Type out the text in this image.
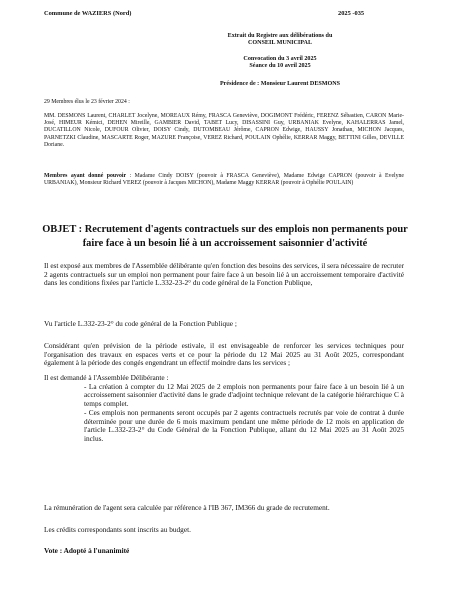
Commune de WAZIERS (Nord)	2025 -035
Extrait du Registre aux délibérations du
CONSEIL MUNICIPAL
Convocation du 3 avril 2025
Séance du 10 avril 2025
Présidence de : Monsieur Laurent DESMONS
29 Membres élus le 23 février 2024 :
MM. DESMONS Laurent, CHARLET Jocelyne, MOREAUX Rémy, FRASCA Geneviève, DOGIMONT Frédéric, FERENZ Sébastien, CARON Marie-José, HIMEUR Kémici, DEHEN Mireille, GAMBIER David, TABET Lucy, DISASSINI Guy, URBANIAK Evelyne, KAHALERRAS Jamel, DUCATILLON Nicole, DUFOUR Olivier, DOISY Cindy, DUTOMBEAU Jérôme, CAPRON Edwige, HAUSSY Jonathan, MICHON Jacques, PARNETZKI Claudine, MASCARTE Roger, MAZURE Françoise, VEREZ Richard, POULAIN Ophélie, KERRAR Maggy, BETTINI Gilles, DEVILLE Doriane.
Membres ayant donné pouvoir : Madame Cindy DOISY (pouvoir à FRASCA Geneviève), Madame Edwige CAPRON (pouvoir à Evelyne URBANIAK), Monsieur Richard VEREZ (pouvoir à Jacques MICHON), Madame Maggy KERRAR (pouvoir à Ophélie POULAIN)
OBJET : Recrutement d'agents contractuels sur des emplois non permanents pour
faire face à un besoin lié à un accroissement saisonnier d'activité
Il est exposé aux membres de l'Assemblée délibérante qu'en fonction des besoins des services, il sera nécessaire de recruter 2 agents contractuels sur un emploi non permanent pour faire face à un besoin lié à un accroissement temporaire d'activité dans les conditions fixées par l'article L.332-23-2° du code général de la Fonction Publique,
Vu l'article L.332-23-2° du code général de la Fonction Publique ;
Considérant qu'en prévision de la période estivale, il est envisageable de renforcer les services techniques pour l'organisation des travaux en espaces verts et ce pour la période du 12 Mai 2025 au 31 Août 2025, correspondant également à la période des congés engendrant un effectif moindre dans les services ;
Il est demandé à l'Assemblée Délibérante :
- La création à compter du 12 Mai 2025 de 2 emplois non permanents pour faire face à un besoin lié à un accroissement saisonnier d'activité dans le grade d'adjoint technique relevant de la catégorie hiérarchique C à temps complet.
- Ces emplois non permanents seront occupés par 2 agents contractuels recrutés par voie de contrat à durée déterminée pour une durée de 6 mois maximum pendant une même période de 12 mois en application de l'article L.332-23-2° du Code Général de la Fonction Publique, allant du 12 Mai 2025 au 31 Août 2025 inclus.
La rémunération de l'agent sera calculée par référence à l'IB 367, IM366 du grade de recrutement.
Les crédits correspondants sont inscrits au budget.
Vote : Adopté à l'unanimité
